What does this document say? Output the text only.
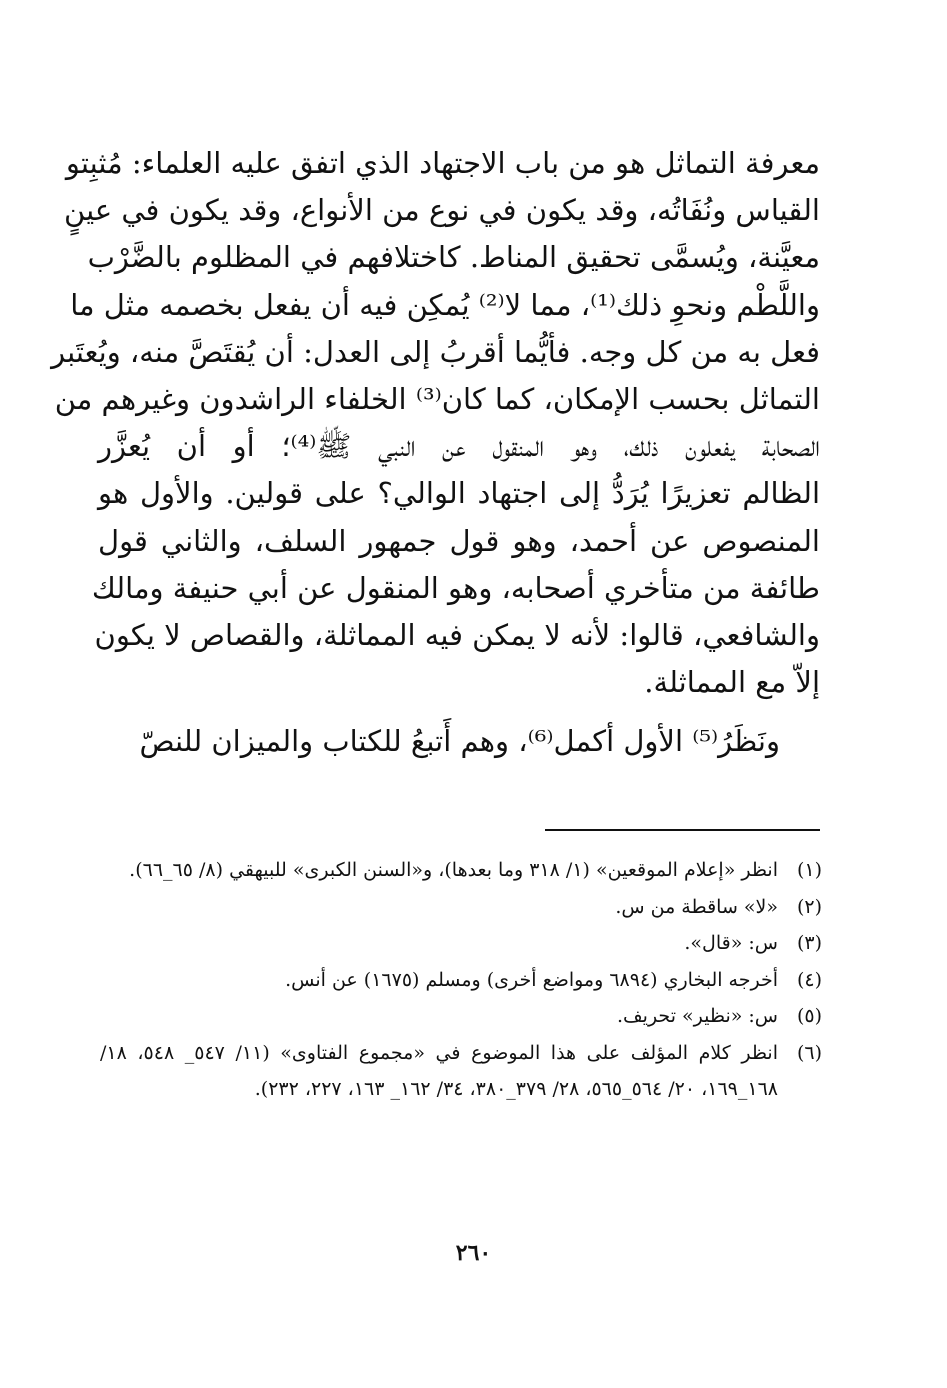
معرفة التماثل هو من باب الاجتهاد الذي اتفق عليه العلماء: مُثبِتو
القياس ونُفَاتُه، وقد يكون في نوع من الأنواع، وقد يكون في عينٍ
معيَّنة، ويُسمَّى تحقيق المناط. كاختلافهم في المظلوم بالضَّرْب
واللَّطْم ونحوِ ذلك⁽¹⁾، مما لا⁽²⁾ يُمكِن فيه أن يفعل بخصمه مثل ما
فعل به من كل وجه. فأيُّما أقربُ إلى العدل: أن يُقتَصَّ منه، ويُعتَبر
التماثل بحسب الإمكان، كما كان⁽³⁾ الخلفاء الراشدون وغيرهم من
الصحابة يفعلون ذلك، وهو المنقول عن النبي ﷺ⁽⁴⁾؛ أو أن يُعزَّر
الظالم تعزيرًا يُرَدُّ إلى اجتهاد الوالي؟ على قولين. والأول هو
المنصوص عن أحمد، وهو قول جمهور السلف، والثاني قول
طائفة من متأخري أصحابه، وهو المنقول عن أبي حنيفة ومالك
والشافعي، قالوا: لأنه لا يمكن فيه المماثلة، والقصاص لا يكون
إلاّ مع المماثلة.
ونَظَرُ⁽⁵⁾ الأول أكمل⁽⁶⁾، وهم أَتبعُ للكتاب والميزان للنصّ
(١)
انظر «إعلام الموقعين» (١/ ٣١٨ وما بعدها)، و«السنن الكبرى» للبيهقي (٨/ ٦٥_٦٦).
(٢)
«لا» ساقطة من س.
(٣)
س: «قال».
(٤)
أخرجه البخاري (٦٨٩٤ ومواضع أخرى) ومسلم (١٦٧٥) عن أنس.
(٥)
س: «نظير» تحريف.
(٦)
انظر كلام المؤلف على هذا الموضوع في «مجموع الفتاوى» (١١/ ٥٤٧_ ٥٤٨، ١٨/ ١٦٨_١٦٩، ٢٠/ ٥٦٤_٥٦٥، ٢٨/ ٣٧٩_٣٨٠، ٣٤/ ١٦٢_ ١٦٣، ٢٢٧، ٢٣٢).
٢٦٠
